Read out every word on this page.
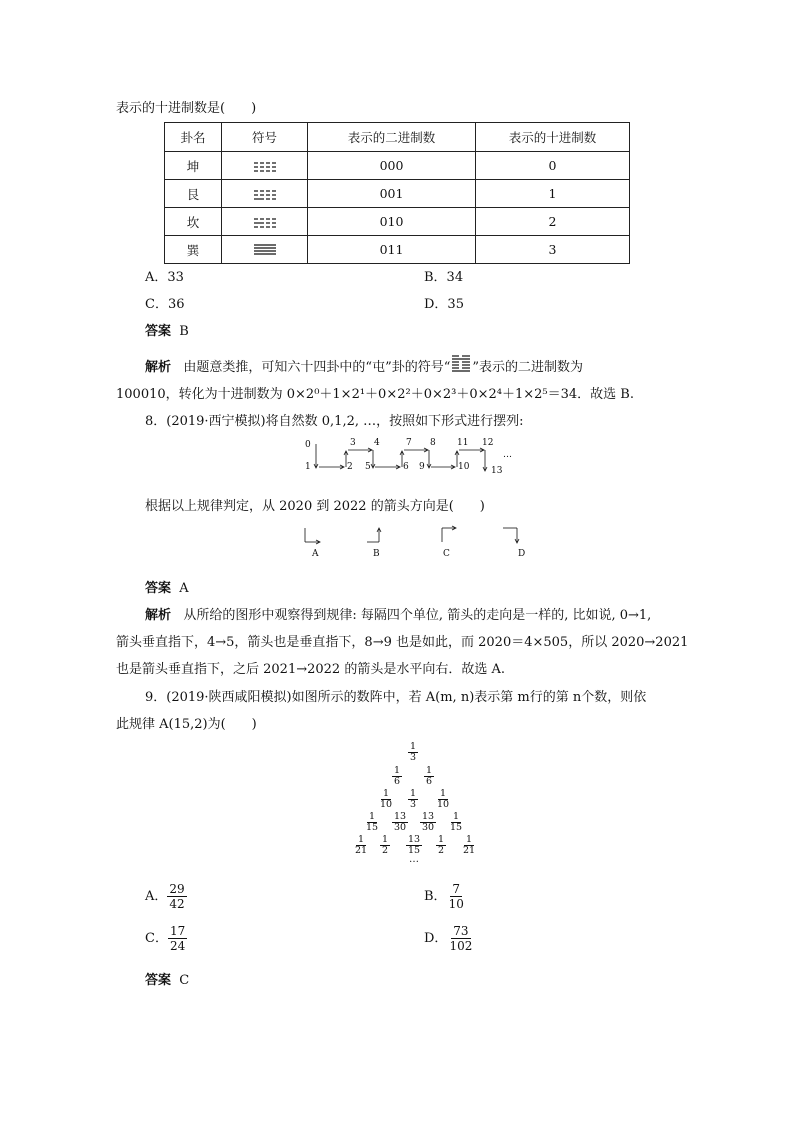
表示的十进制数是(　　)
卦名	符号	表示的二进制数	表示的十进制数
坤		000	0
艮		001	1
坎		010	2
巽		011	3
A．33	B．34
C．36	D．35
答案 B
解析 由题意类推，可知六十四卦中的“屯”卦的符号“ ”表示的二进制数为
100010，转化为十进制数为 0×2⁰＋1×2¹＋0×2²＋0×2³＋0×2⁴＋1×2⁵＝34．故选 B.
8．(2019·西宁模拟)将自然数 0,1,2, …，按照如下形式进行摆列:
0
1	2
3 4
5	6
7 8
9	10
11 12
13
…
根据以上规律判定，从 2020 到 2022 的箭头方向是(　　)
A	B	C	D
答案 A
解析 从所给的图形中观察得到规律: 每隔四个单位, 箭头的走向是一样的, 比如说, 0→1,
箭头垂直指下，4→5，箭头也是垂直指下，8→9 也是如此，而 2020＝4×505，所以 2020→2021
也是箭头垂直指下，之后 2021→2022 的箭头是水平向右．故选 A.
9．(2019·陕西咸阳模拟)如图所示的数阵中，若 A(m, n)表示第 m行的第 n个数，则依
此规律 A(15,2)为(　　)
$\frac{1}{3}$
$\frac{1}{6} \frac{1}{6}$
$\frac{1}{10} \frac{1}{3} \frac{1}{10}$
$\frac{1}{15} \frac{13}{30} \frac{13}{30} \frac{1}{15}$
$\frac{1}{21} \frac{1}{2} \frac{13}{15} \frac{1}{2} \frac{1}{21}$
…
A． $\frac{29}{42}$	B． $\frac{7}{10}$
C． $\frac{17}{24}$	D． $\frac{73}{102}$
答案 C
